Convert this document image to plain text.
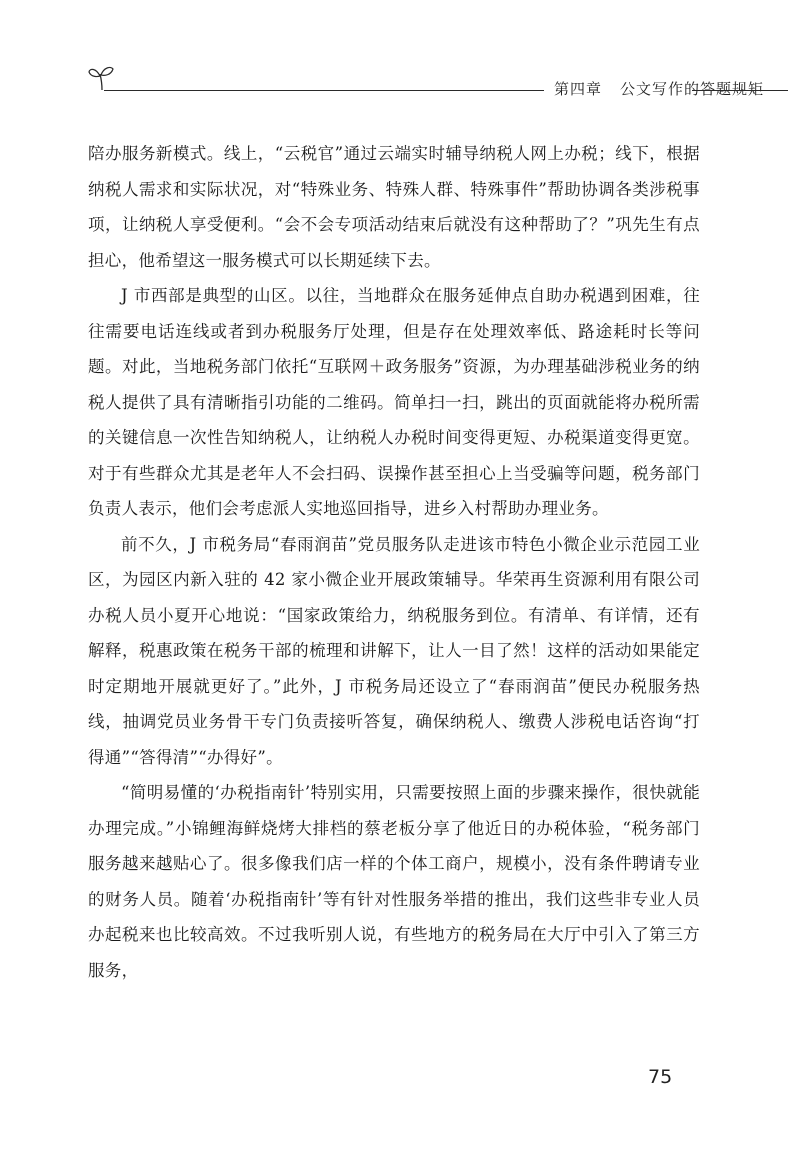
第四章 公文写作的答题规矩

陪办服务新模式。线上，“云税官”通过云端实时辅导纳税人网上办税；线下，根据纳税人需求和实际状况，对“特殊业务、特殊人群、特殊事件”帮助协调各类涉税事项，让纳税人享受便利。“会不会专项活动结束后就没有这种帮助了？”巩先生有点担心，他希望这一服务模式可以长期延续下去。

J 市西部是典型的山区。以往，当地群众在服务延伸点自助办税遇到困难，往往需要电话连线或者到办税服务厅处理，但是存在处理效率低、路途耗时长等问题。对此，当地税务部门依托“互联网＋政务服务”资源，为办理基础涉税业务的纳税人提供了具有清晰指引功能的二维码。简单扫一扫，跳出的页面就能将办税所需的关键信息一次性告知纳税人，让纳税人办税时间变得更短、办税渠道变得更宽。对于有些群众尤其是老年人不会扫码、误操作甚至担心上当受骗等问题，税务部门负责人表示，他们会考虑派人实地巡回指导，进乡入村帮助办理业务。

前不久，J 市税务局“春雨润苗”党员服务队走进该市特色小微企业示范园工业区，为园区内新入驻的 42 家小微企业开展政策辅导。华荣再生资源利用有限公司办税人员小夏开心地说：“国家政策给力，纳税服务到位。有清单、有详情，还有解释，税惠政策在税务干部的梳理和讲解下，让人一目了然！这样的活动如果能定时定期地开展就更好了。”此外，J 市税务局还设立了“春雨润苗”便民办税服务热线，抽调党员业务骨干专门负责接听答复，确保纳税人、缴费人涉税电话咨询“打得通”“答得清”“办得好”。

“简明易懂的‘办税指南针’特别实用，只需要按照上面的步骤来操作，很快就能办理完成。”小锦鲤海鲜烧烤大排档的蔡老板分享了他近日的办税体验，“税务部门服务越来越贴心了。很多像我们店一样的个体工商户，规模小，没有条件聘请专业的财务人员。随着‘办税指南针’等有针对性服务举措的推出，我们这些非专业人员办起税来也比较高效。不过我听别人说，有些地方的税务局在大厅中引入了第三方服务，

75
